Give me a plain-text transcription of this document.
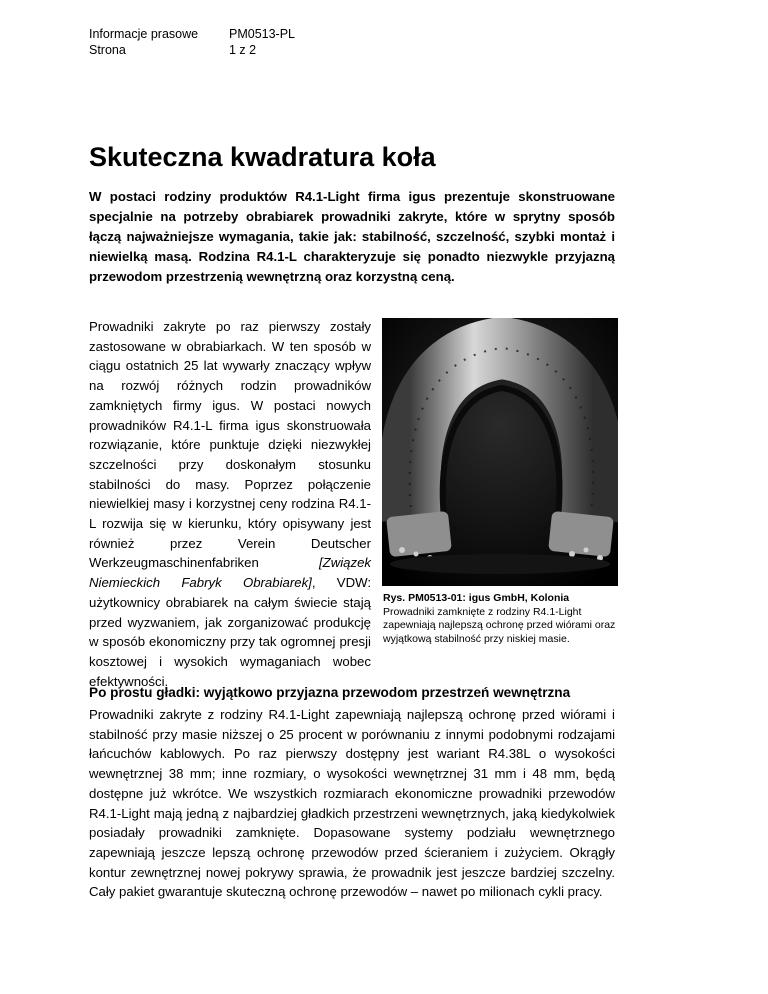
Informacje prasowe	PM0513-PL
Strona	1 z 2
Skuteczna kwadratura koła

W postaci rodziny produktów R4.1-Light firma igus prezentuje skonstruowane specjalnie na potrzeby obrabiarek prowadniki zakryte, które w sprytny sposób łączą najważniejsze wymagania, takie jak: stabilność, szczelność, szybki montaż i niewielką masą. Rodzina R4.1-L charakteryzuje się ponadto niezwykle przyjazną przewodom przestrzenią wewnętrzną oraz korzystną ceną.

Prowadniki zakryte po raz pierwszy zostały zastosowane w obrabiarkach. W ten sposób w ciągu ostatnich 25 lat wywarły znaczący wpływ na rozwój różnych rodzin prowadników zamkniętych firmy igus. W postaci nowych prowadników R4.1-L firma igus skonstruowała rozwiązanie, które punktuje dzięki niezwykłej szczelności przy doskonałym stosunku stabilności do masy. Poprzez połączenie niewielkiej masy i korzystnej ceny rodzina R4.1-L rozwija się w kierunku, który opisywany jest również przez Verein Deutscher Werkzeugmaschinenfabriken [Związek Niemieckich Fabryk Obrabiarek], VDW: użytkownicy obrabiarek na całym świecie stają przed wyzwaniem, jak zorganizować produkcję w sposób ekonomiczny przy tak ogromnej presji kosztowej i wysokich wymaganiach wobec efektywności.

Rys. PM0513-01: igus GmbH, Kolonia
Prowadniki zamknięte z rodziny R4.1-Light zapewniają najlepszą ochronę przed wiórami oraz wyjątkową stabilność przy niskiej masie.
Po prostu gładki: wyjątkowo przyjazna przewodom przestrzeń wewnętrzna

Prowadniki zakryte z rodziny R4.1-Light zapewniają najlepszą ochronę przed wiórami i stabilność przy masie niższej o 25 procent w porównaniu z innymi podobnymi rodzajami łańcuchów kablowych. Po raz pierwszy dostępny jest wariant R4.38L o wysokości wewnętrznej 38 mm; inne rozmiary, o wysokości wewnętrznej 31 mm i 48 mm, będą dostępne już wkrótce. We wszystkich rozmiarach ekonomiczne prowadniki przewodów R4.1-Light mają jedną z najbardziej gładkich przestrzeni wewnętrznych, jaką kiedykolwiek posiadały prowadniki zamknięte. Dopasowane systemy podziału wewnętrznego zapewniają jeszcze lepszą ochronę przewodów przed ścieraniem i zużyciem. Okrągły kontur zewnętrznej nowej pokrywy sprawia, że prowadnik jest jeszcze bardziej szczelny. Cały pakiet gwarantuje skuteczną ochronę przewodów – nawet po milionach cykli pracy.
